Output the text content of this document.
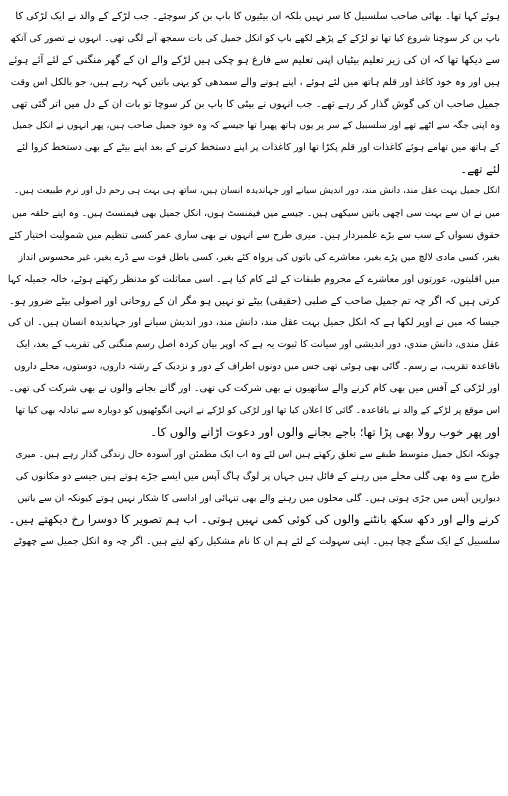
ہوئے کہا تھا۔ بھائی صاحب سلسبیل کا سر نہیں بلکہ ان بیٹیوں کا باپ بن کر سوچئے۔ جب لڑکے کے والد نے ایک لڑکی کا
باپ بن کر سوچنا شروع کیا تھا تو لڑکے کے پڑھے لکھے باپ کو انکل جمیل کی بات سمجھ آنے لگی تھی۔ انہوں نے تصور کی آنکھ
سے دیکھا تھا کہ ان کی زیر تعلیم بیٹیاں اپنی تعلیم سے فارغ ہو چکی ہیں لڑکے والے ان کے گھر منگنی کے لئے آئے ہوئے
ہیں اور وہ خود کاغذ اور قلم ہاتھ میں لئے ہوئے ، اپنے ہونے والے سمدھی کو یہی باتیں کہہ رہے ہیں، جو بالکل اس وقت
جمیل صاحب ان کی گوش گذار کر رہے تھے۔ جب انہوں نے بیٹی کا باپ بن کر سوچا تو بات ان کے دل میں اتر گئی تھی
وہ اپنی جگہ سے اٹھے تھے اور سلسبیل کے سر پر یوں ہاتھ پھیرا تھا جیسے کہ وہ خود جمیل صاحب ہیں، پھر انہوں نے انکل جمیل
کے ہاتھ میں تھامے ہوئے کاغذات اور قلم پکڑا تھا اور کاغذات پر اپنے دستخط کرنے کے بعد اپنے بیٹے کے بھی دستخط کروا لئے
لئے تھے۔
انکل جمیل بہت عقل مند، دانش مند، دور اندیش سیانے اور جہاندیدہ انسان ہیں، ساتھ ہی بہت ہی رحم دل اور نرم طبیعت ہیں۔
میں نے ان سے بہت سی اچھی باتیں سیکھی ہیں۔ جیسے میں فیمنسٹ ہوں، انکل جمیل بھی فیمنسٹ ہیں۔ وہ اپنے حلقہ میں
حقوق نسواں کے سب سے بڑے علمبردار ہیں۔ میری طرح سے انہوں نے بھی ساری عمر کسی تنظیم میں شمولیت اختیار کئے
بغیر، کسی مادی لالچ میں پڑے بغیر، معاشرے کی باتوں کی پرواہ کئے بغیر، کسی باطل قوت سے ڈرے بغیر، غیر محسوس انداز
میں اقلیتوں، عورتوں اور معاشرے کے محروم طبقات کے لئے کام کیا ہے۔ اسی مماثلت کو مدنظر رکھتے ہوئے، خالہ جمیلہ کہا
کرتی ہیں کہ اگر چہ تم جمیل صاحب کے صلبی (حقیقی) بیٹے تو نہیں ہو مگر ان کے روحانی اور اصولی بیٹے ضرور ہو۔
جیسا کہ میں نے اوپر لکھا ہے کہ انکل جمیل بہت عقل مند، دانش مند، دور اندیش سیانے اور جہاندیدہ انسان ہیں۔ ان کی
عقل مندی، دانش مندی، دور اندیشی اور سیانت کا ثبوت یہ ہے کہ اوپر بیان کردہ اصل رسم منگنی کی تقریب کے بعد، ایک
باقاعدہ تقریب، بے رسم۔ گائی بھی ہوئی تھی جس میں دونوں اطراف کے دور و نزدیک کے رشتہ داروں، دوستوں، محلے داروں
اور لڑکی کے آفس میں بھی کام کرنے والے ساتھیوں نے بھی شرکت کی تھی۔ اور گانے بجانے والوں نے بھی شرکت کی تھی۔
اس موقع پر لڑکے کے والد نے باقاعدہ۔ گائی کا اعلان کیا تھا اور لڑکی کو لڑکے نے انہی انگوٹھیوں کو دوبارہ سے تبادلہ بھی کیا تھا
اور پھر خوب رولا بھی پڑا تھا؛ باجے بجانے والوں اور دعوت اڑانے والوں کا۔
چونکہ انکل جمیل متوسط طبقے سے تعلق رکھتے ہیں اس لئے وہ اب ایک مطمئن اور آسودہ حال زندگی گذار رہے ہیں۔ میری
طرح سے وہ بھی گلی محلے میں رہنے کے قائل ہیں جہاں پر لوگ ہاگ آپس میں ایسے جڑے ہوتے ہیں جیسے دو مکانوں کی
دیواریں آپس میں جڑی ہوتی ہیں۔ گلی محلوں میں رہنے والے بھی تنہائی اور اداسی کا شکار نہیں ہوتے کیونکہ ان سے باتیں
کرنے والے اور دکھ سکھ بانٹنے والوں کی کوئی کمی نہیں ہوتی۔ اب ہم تصویر کا دوسرا رخ دیکھتے ہیں۔
سلسبیل کے ایک سگے چچا ہیں۔ اپنی سہولت کے لئے ہم ان کا نام مشکیل رکھ لیتے ہیں۔ اگر چہ وہ انکل جمیل سے چھوٹے
